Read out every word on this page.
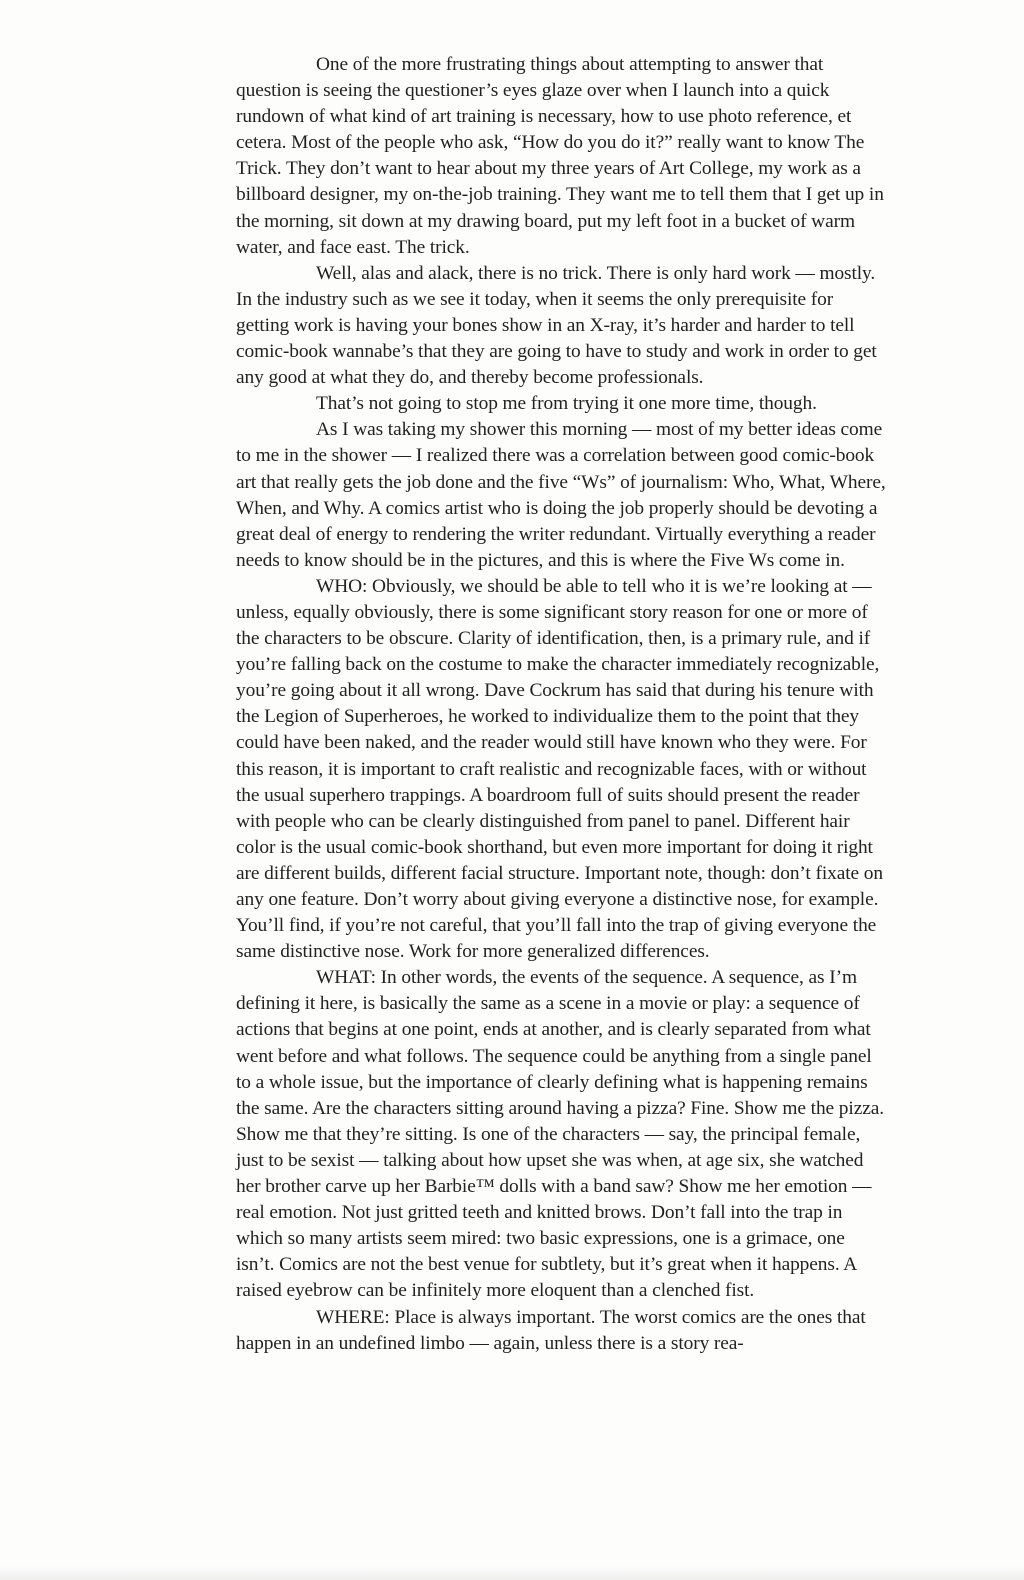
One of the more frustrating things about attempting to answer that question is seeing the questioner’s eyes glaze over when I launch into a quick rundown of what kind of art training is necessary, how to use photo reference, et cetera. Most of the people who ask, “How do you do it?” really want to know The Trick. They don’t want to hear about my three years of Art College, my work as a billboard designer, my on-the-job training. They want me to tell them that I get up in the morning, sit down at my drawing board, put my left foot in a bucket of warm water, and face east. The trick.

Well, alas and alack, there is no trick. There is only hard work — mostly. In the industry such as we see it today, when it seems the only prerequisite for getting work is having your bones show in an X-ray, it’s harder and harder to tell comic-book wannabe’s that they are going to have to study and work in order to get any good at what they do, and thereby become professionals.

That’s not going to stop me from trying it one more time, though.

As I was taking my shower this morning — most of my better ideas come to me in the shower — I realized there was a correlation between good comic-book art that really gets the job done and the five “Ws” of journalism: Who, What, Where, When, and Why. A comics artist who is doing the job properly should be devoting a great deal of energy to rendering the writer redundant. Virtually everything a reader needs to know should be in the pictures, and this is where the Five Ws come in.

WHO: Obviously, we should be able to tell who it is we’re looking at — unless, equally obviously, there is some significant story reason for one or more of the characters to be obscure. Clarity of identification, then, is a primary rule, and if you’re falling back on the costume to make the character immediately recognizable, you’re going about it all wrong. Dave Cockrum has said that during his tenure with the Legion of Superheroes, he worked to individualize them to the point that they could have been naked, and the reader would still have known who they were. For this reason, it is important to craft realistic and recognizable faces, with or without the usual superhero trappings. A boardroom full of suits should present the reader with people who can be clearly distinguished from panel to panel. Different hair color is the usual comic-book shorthand, but even more important for doing it right are different builds, different facial structure. Important note, though: don’t fixate on any one feature. Don’t worry about giving everyone a distinctive nose, for example. You’ll find, if you’re not careful, that you’ll fall into the trap of giving everyone the same distinctive nose. Work for more generalized differences.

WHAT: In other words, the events of the sequence. A sequence, as I’m defining it here, is basically the same as a scene in a movie or play: a sequence of actions that begins at one point, ends at another, and is clearly separated from what went before and what follows. The sequence could be anything from a single panel to a whole issue, but the importance of clearly defining what is happening remains the same. Are the characters sitting around having a pizza? Fine. Show me the pizza. Show me that they’re sitting. Is one of the characters — say, the principal female, just to be sexist — talking about how upset she was when, at age six, she watched her brother carve up her Barbie™ dolls with a band saw? Show me her emotion — real emotion. Not just gritted teeth and knitted brows. Don’t fall into the trap in which so many artists seem mired: two basic expressions, one is a grimace, one isn’t. Comics are not the best venue for subtlety, but it’s great when it happens. A raised eyebrow can be infinitely more eloquent than a clenched fist.

WHERE: Place is always important. The worst comics are the ones that happen in an undefined limbo — again, unless there is a story rea-
